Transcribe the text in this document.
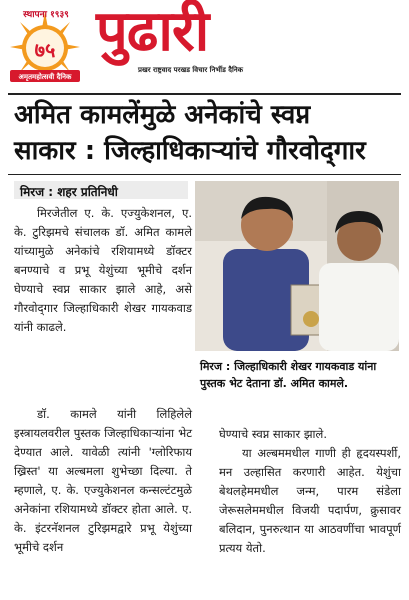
७५
अमृतमहोत्सवी दैनिक
स्थापना १९३९ पुढारी
प्रखर राष्ट्रवाद परखड विचार निर्भीड दैनिक
अमित कामलेंमुळे अनेकांचे स्वप्न
साकार : जिल्हाधिकाऱ्यांचे गौरवोद्‌गार
मिरज : शहर प्रतिनिधी

मिरजेतील ए. के. एज्युकेशनल, ए. के. टुरिझमचे संचालक डॉ. अमित कामले यांच्यामुळे अनेकांचे रशियामध्ये डॉक्टर बनण्याचे व प्रभू येशुंच्या भूमीचे दर्शन घेण्याचे स्वप्न साकार झाले आहे, असे गौरवोद्‌गार जिल्हाधिकारी शेखर गायकवाड यांनी काढले.

मिरज : जिल्हाधिकारी शेखर गायकवाड यांना पुस्तक भेट देताना डॉ. अमित कामले.

डॉ. कामले यांनी लिहिलेले इस्त्रायलवरील पुस्तक जिल्हाधिकाऱ्यांना भेट देण्यात आले. यावेळी त्यांनी 'ग्लोरिफाय ख्रिस्त' या अल्बमला शुभेच्छा दिल्या. ते म्हणाले, ए. के. एज्युकेशनल कन्सल्टंटमुळे अनेकांना रशियामध्ये डॉक्टर होता आले. ए. के. इंटरनॅशनल टुरिझमद्वारे प्रभू येशुंच्या भूमीचे दर्शन

घेण्याचे स्वप्न साकार झाले.

या अल्बममधील गाणी ही हृदयस्पर्शी, मन उल्हासित करणारी आहेत. येशुंचा बेथलहेममधील जन्म, पारम संडेला जेरूसलेममधील विजयी पदार्पण, क्रुसावर बलिदान, पुनरुत्थान या आठवणींचा भावपूर्ण प्रत्यय येतो.
